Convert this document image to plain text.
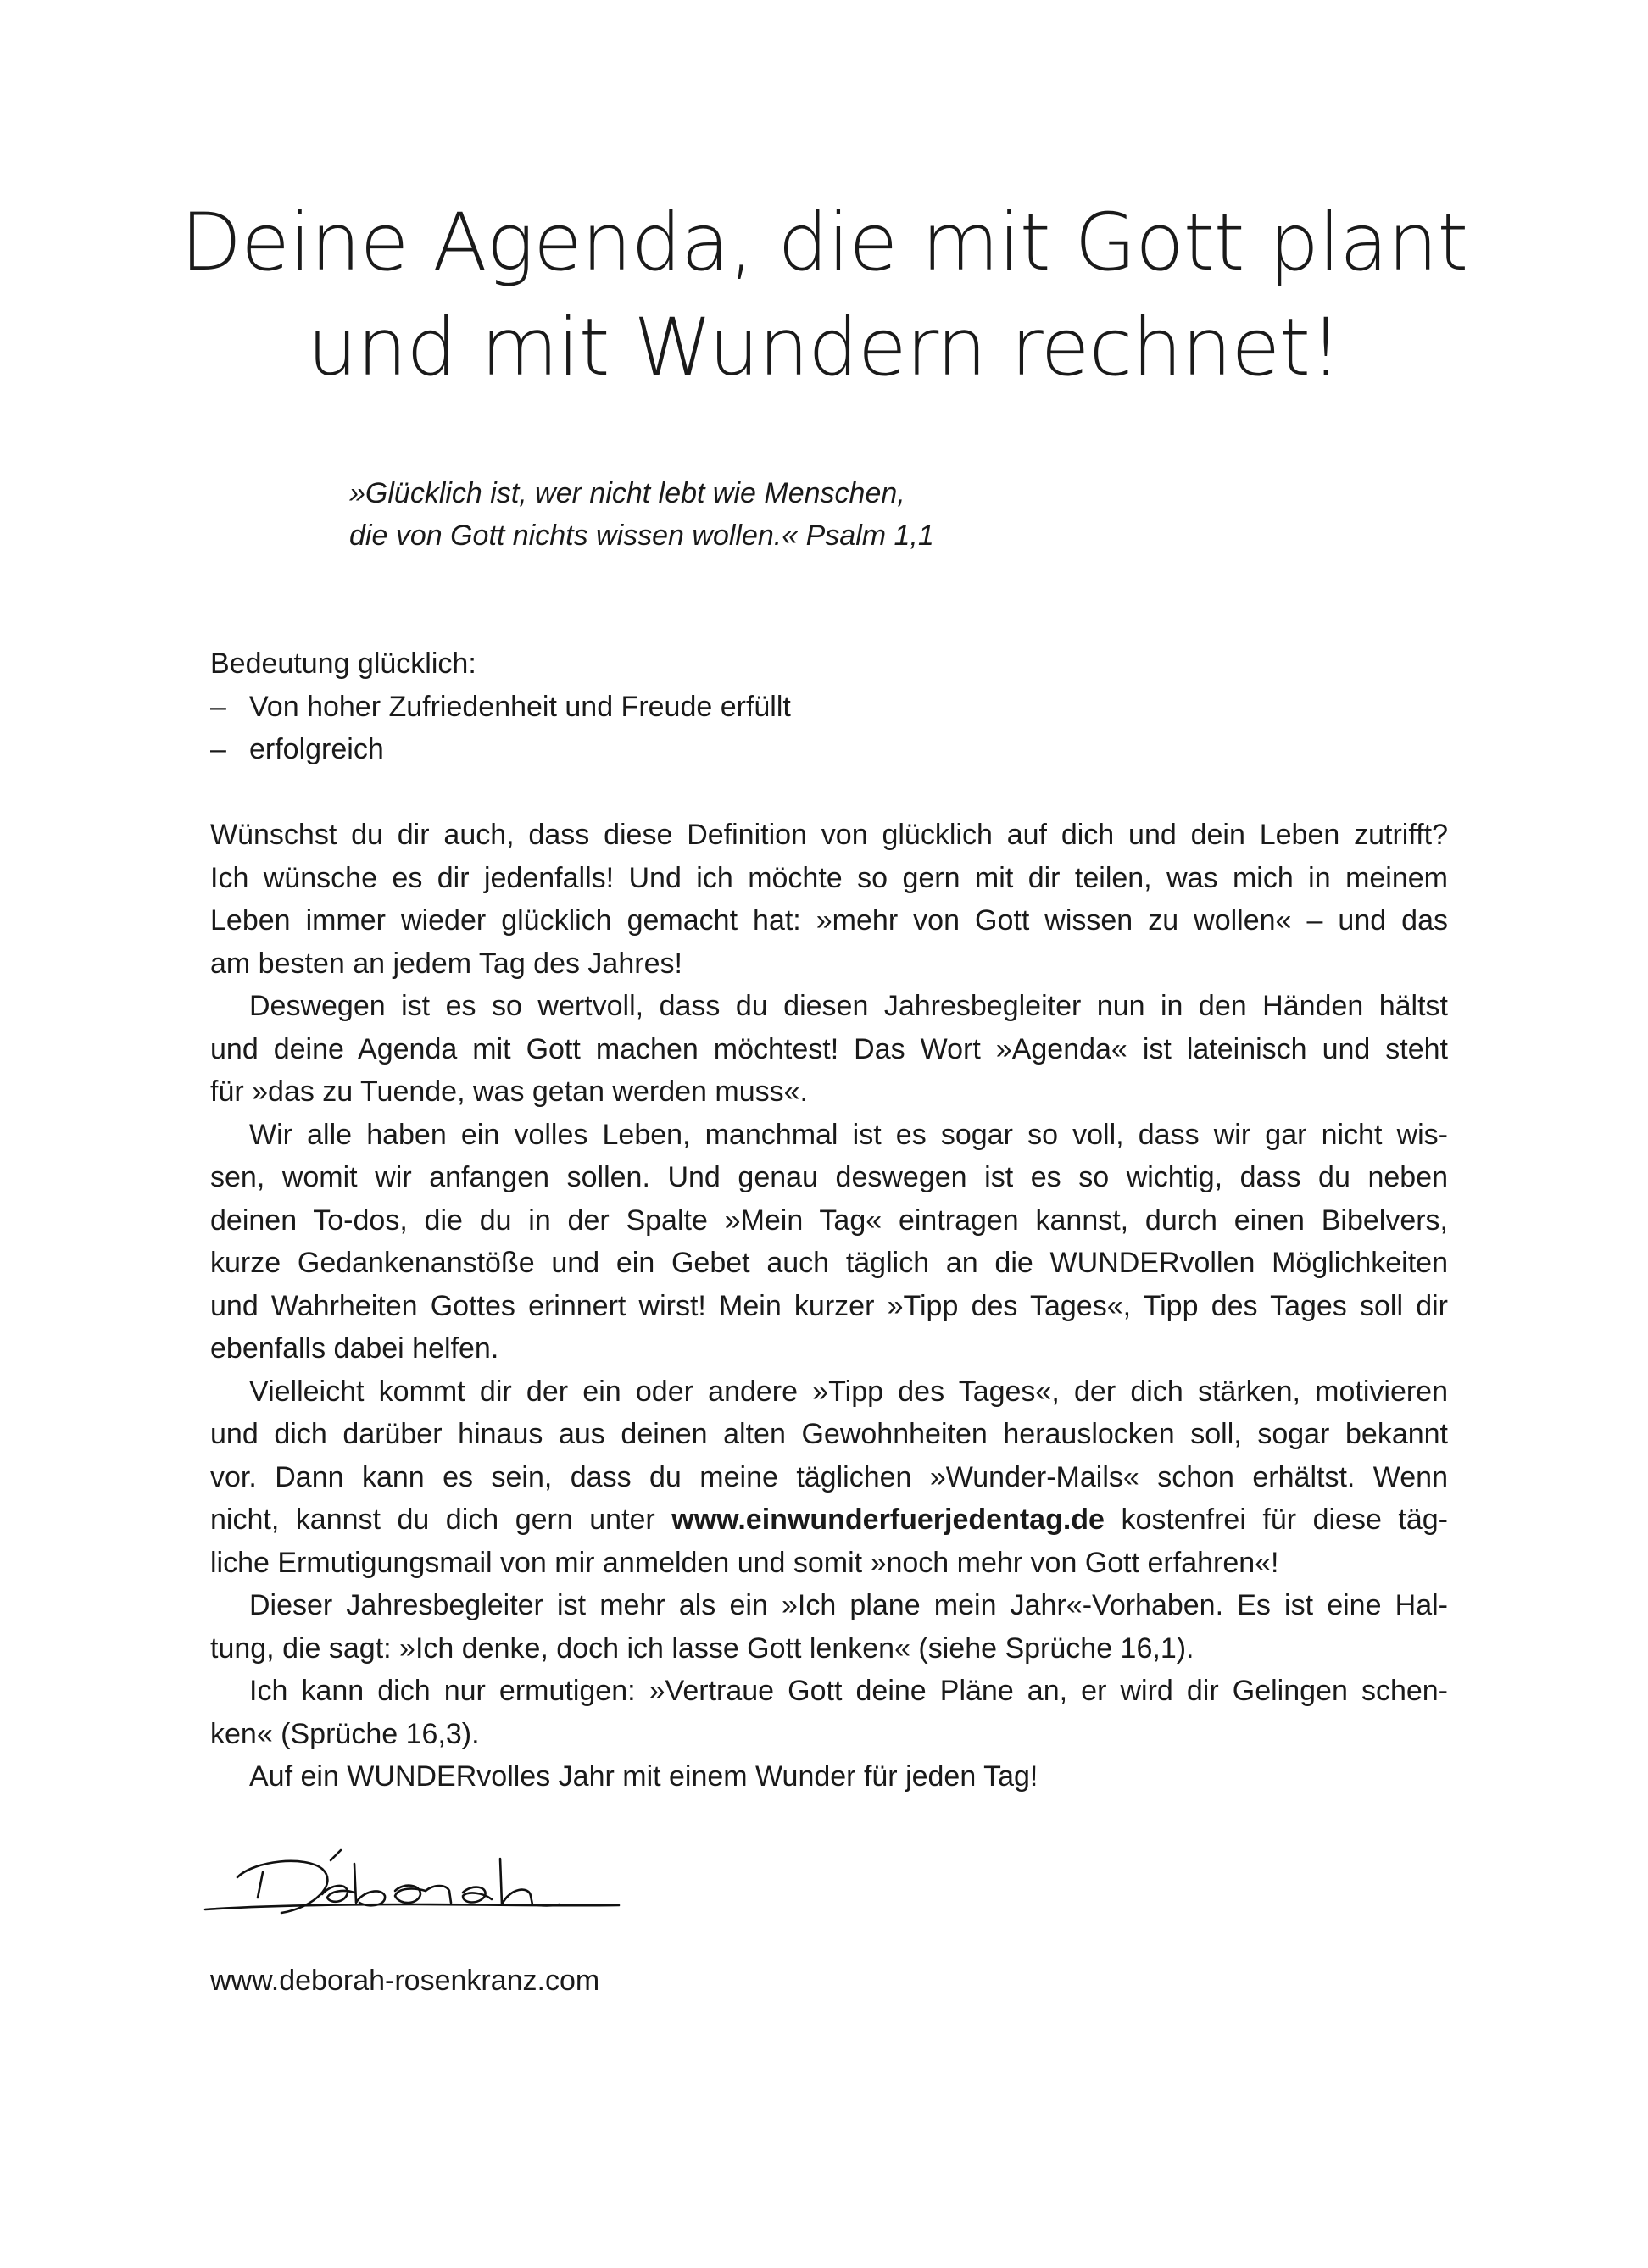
Deine Agenda, die mit Gott plant
und mit Wundern rechnet!
»Glücklich ist, wer nicht lebt wie Menschen,
die von Gott nichts wissen wollen.« Psalm 1,1
Bedeutung glücklich:
– Von hoher Zufriedenheit und Freude erfüllt
– erfolgreich
Wünschst du dir auch, dass diese Definition von glücklich auf dich und dein Leben zutrifft?
Ich wünsche es dir jedenfalls! Und ich möchte so gern mit dir teilen, was mich in meinem
Leben immer wieder glücklich gemacht hat: »mehr von Gott wissen zu wollen« – und das
am besten an jedem Tag des Jahres!
Deswegen ist es so wertvoll, dass du diesen Jahresbegleiter nun in den Händen hältst
und deine Agenda mit Gott machen möchtest! Das Wort »Agenda« ist lateinisch und steht
für »das zu Tuende, was getan werden muss«.
Wir alle haben ein volles Leben, manchmal ist es sogar so voll, dass wir gar nicht wis-
sen, womit wir anfangen sollen. Und genau deswegen ist es so wichtig, dass du neben
deinen To-dos, die du in der Spalte »Mein Tag« eintragen kannst, durch einen Bibelvers,
kurze Gedankenanstöße und ein Gebet auch täglich an die WUNDERvollen Möglichkeiten
und Wahrheiten Gottes erinnert wirst! Mein kurzer »Tipp des Tages«, Tipp des Tages soll dir
ebenfalls dabei helfen.
Vielleicht kommt dir der ein oder andere »Tipp des Tages«, der dich stärken, motivieren
und dich darüber hinaus aus deinen alten Gewohnheiten herauslocken soll, sogar bekannt
vor. Dann kann es sein, dass du meine täglichen »Wunder-Mails« schon erhältst. Wenn
nicht, kannst du dich gern unter www.einwunderfuerjedentag.de kostenfrei für diese täg-
liche Ermutigungsmail von mir anmelden und somit »noch mehr von Gott erfahren«!
Dieser Jahresbegleiter ist mehr als ein »Ich plane mein Jahr«-Vorhaben. Es ist eine Hal-
tung, die sagt: »Ich denke, doch ich lasse Gott lenken« (siehe Sprüche 16,1).
Ich kann dich nur ermutigen: »Vertraue Gott deine Pläne an, er wird dir Gelingen schen-
ken« (Sprüche 16,3).
Auf ein WUNDERvolles Jahr mit einem Wunder für jeden Tag!
www.deborah-rosenkranz.com
